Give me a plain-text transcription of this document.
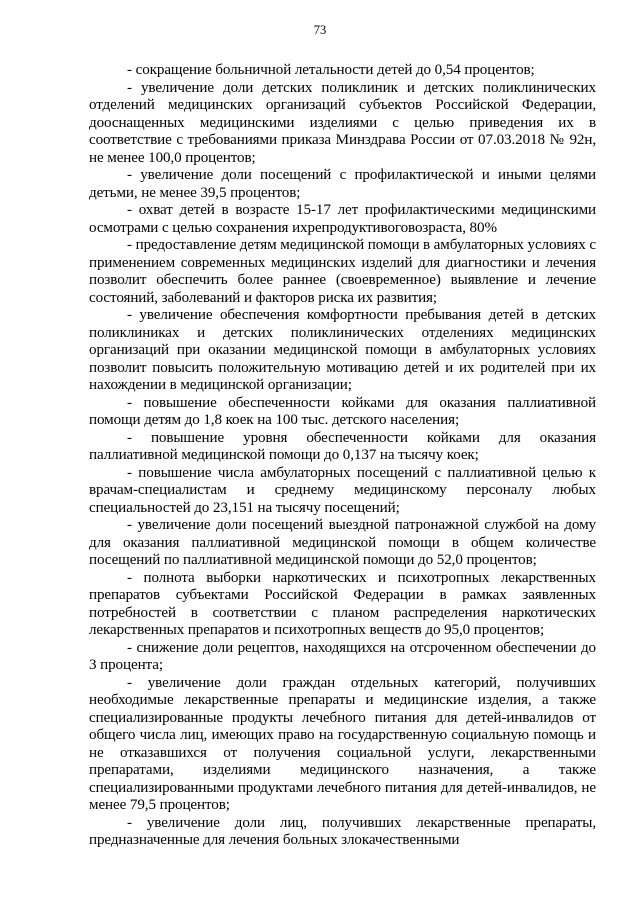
73

- сокращение больничной летальности детей до 0,54 процентов;

- увеличение доли детских поликлиник и детских поликлинических отделений медицинских организаций субъектов Российской Федерации, дооснащенных медицинскими изделиями с целью приведения их в соответствие с требованиями приказа Минздрава России от 07.03.2018 № 92н, не менее 100,0 процентов;

- увеличение доли посещений с профилактической и иными целями детьми, не менее 39,5 процентов;

- охват детей в возрасте 15-17 лет профилактическими медицинскими осмотрами с целью сохранения ихрепродуктивоговозраста, 80%

- предоставление детям медицинской помощи в амбулаторных условиях с применением современных медицинских изделий для диагностики и лечения позволит обеспечить более раннее (своевременное) выявление и лечение состояний, заболеваний и факторов риска их развития;

- увеличение обеспечения комфортности пребывания детей в детских поликлиниках и детских поликлинических отделениях медицинских организаций при оказании медицинской помощи в амбулаторных условиях позволит повысить положительную мотивацию детей и их родителей при их нахождении в медицинской организации;

- повышение обеспеченности койками для оказания паллиативной помощи детям до 1,8 коек на 100 тыс. детского населения;

- повышение уровня обеспеченности койками для оказания паллиативной медицинской помощи до 0,137 на тысячу коек;

- повышение числа амбулаторных посещений с паллиативной целью к врачам-специалистам и среднему медицинскому персоналу любых специальностей до 23,151 на тысячу посещений;

- увеличение доли посещений выездной патронажной службой на дому для оказания паллиативной медицинской помощи в общем количестве посещений по паллиативной медицинской помощи до 52,0 процентов;

- полнота выборки наркотических и психотропных лекарственных препаратов субъектами Российской Федерации в рамках заявленных потребностей в соответствии с планом распределения наркотических лекарственных препаратов и психотропных веществ до 95,0 процентов;

- снижение доли рецептов, находящихся на отсроченном обеспечении до 3 процента;

- увеличение доли граждан отдельных категорий, получивших необходимые лекарственные препараты и медицинские изделия, а также специализированные продукты лечебного питания для детей-инвалидов от общего числа лиц, имеющих право на государственную социальную помощь и не отказавшихся от получения социальной услуги, лекарственными препаратами, изделиями медицинского назначения, а также специализированными продуктами лечебного питания для детей-инвалидов, не менее 79,5 процентов;

- увеличение доли лиц, получивших лекарственные препараты, предназначенные для лечения больных злокачественными
